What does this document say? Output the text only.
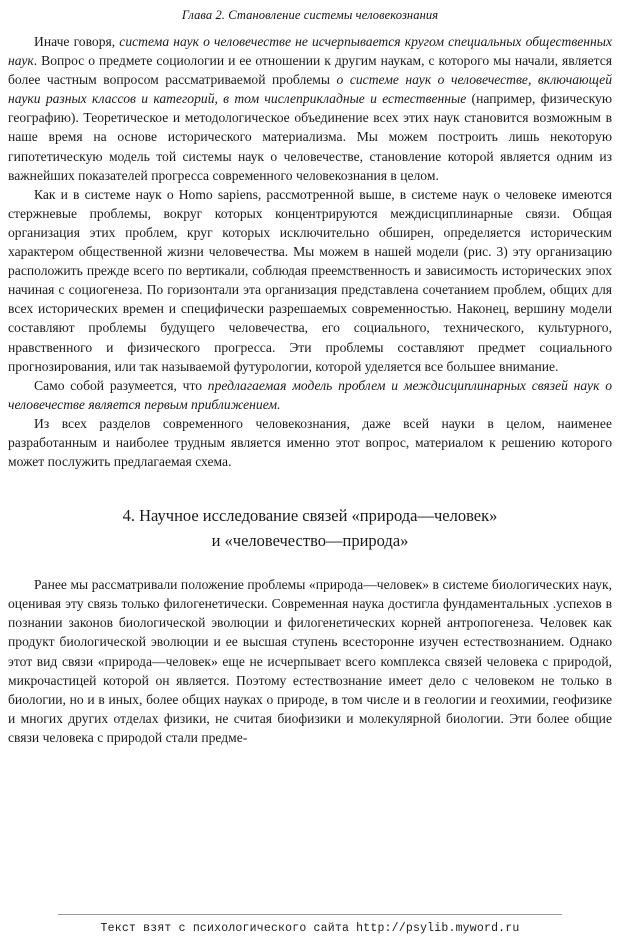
Глава 2. Становление системы человекознания

Иначе говоря, система наук о человечестве не исчерпывается кругом специальных общественных наук. Вопрос о предмете социологии и ее отношении к другим наукам, с которого мы начали, является более частным вопросом рассматриваемой проблемы о системе наук о человечестве, включающей науки разных классов и категорий, в том числеприкладные и естественные (например, физическую географию). Теоретическое и методологическое объединение всех этих наук становится возможным в наше время на основе исторического материализма. Мы можем построить лишь некоторую гипотетическую модель той системы наук о человечестве, становление которой является одним из важнейших показателей прогресса современного человекознания в целом.

Как и в системе наук о Homo sapiens, рассмотренной выше, в системе наук о человеке имеются стержневые проблемы, вокруг которых концентрируются междисциплинарные связи. Общая организация этих проблем, круг которых исключительно обширен, определяется историческим характером общественной жизни человечества. Мы можем в нашей модели (рис. 3) эту организацию расположить прежде всего по вертикали, соблюдая преемственность и зависимость исторических эпох начиная с социогенеза. По горизонтали эта организация представлена сочетанием проблем, общих для всех исторических времен и специфически разрешаемых современностью. Наконец, вершину модели составляют проблемы будущего человечества, его социального, технического, культурного, нравственного и физического прогресса. Эти проблемы составляют предмет социального прогнозирования, или так называемой футурологии, которой уделяется все большее внимание.

Само собой разумеется, что предлагаемая модель проблем и междисциплинарных связей наук о человечестве является первым приближением.

Из всех разделов современного человекознания, даже всей науки в целом, наименее разработанным и наиболее трудным является именно этот вопрос, материалом к решению которого может послужить предлагаемая схема.

4. Научное исследование связей «природа—человек»
и «человечество—природа»

Ранее мы рассматривали положение проблемы «природа—человек» в системе биологических наук, оценивая эту связь только филогенетически. Современная наука достигла фундаментальных .успехов в познании законов биологической эволюции и филогенетических корней антропогенеза. Человек как продукт биологической эволюции и ее высшая ступень всесторонне изучен естествознанием. Однако этот вид связи «природа—человек» еще не исчерпывает всего комплекса связей человека с природой, микрочастицей которой он является. Поэтому естествознание имеет дело с человеком не только в биологии, но и в иных, более общих науках о природе, в том числе и в геологии и геохимии, геофизике и многих других отделах физики, не считая биофизики и молекулярной биологии. Эти более общие связи человека с природой стали предме-

Текст взят с психологического сайта http://psylib.myword.ru
